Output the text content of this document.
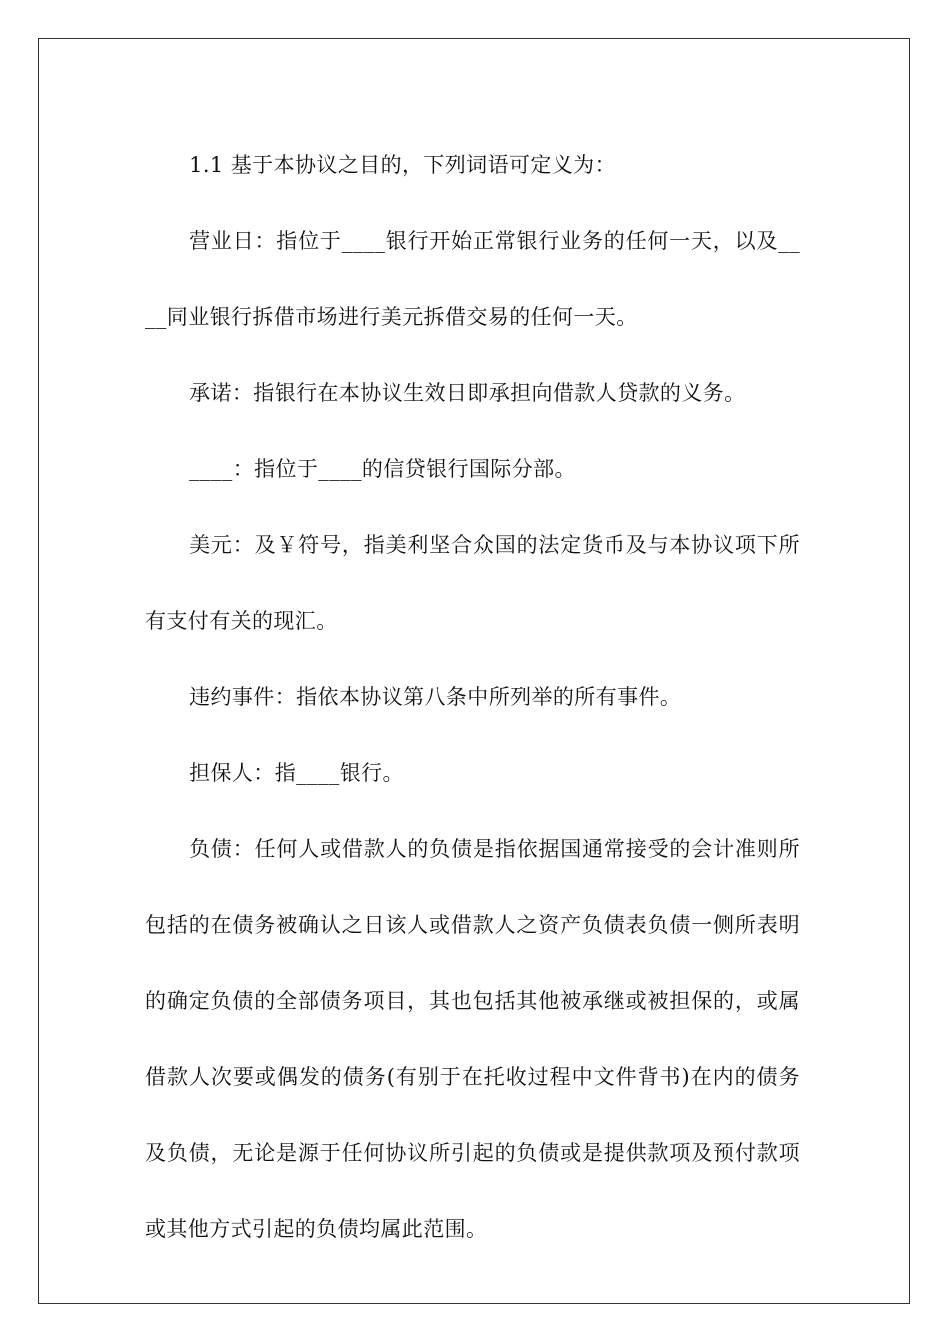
1.1 基于本协议之目的，下列词语可定义为：

营业日：指位于____银行开始正常银行业务的任何一天，以及____同业银行拆借市场进行美元拆借交易的任何一天。

承诺：指银行在本协议生效日即承担向借款人贷款的义务。

____：指位于____的信贷银行国际分部。

美元：及￥符号，指美利坚合众国的法定货币及与本协议项下所有支付有关的现汇。

违约事件：指依本协议第八条中所列举的所有事件。

担保人：指____银行。

负债：任何人或借款人的负债是指依据国通常接受的会计准则所包括的在债务被确认之日该人或借款人之资产负债表负债一侧所表明的确定负债的全部债务项目，其也包括其他被承继或被担保的，或属借款人次要或偶发的债务(有别于在托收过程中文件背书)在内的债务及负债，无论是源于任何协议所引起的负债或是提供款项及预付款项或其他方式引起的负债均属此范围。
